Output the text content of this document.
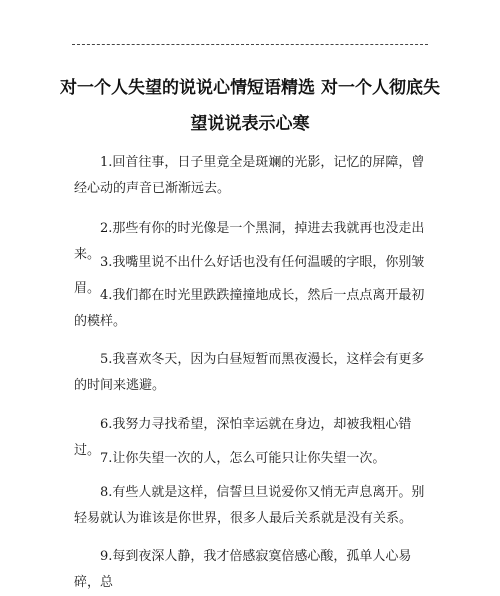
对一个人失望的说说心情短语精选 对一个人彻底失望说说表示心寒

1.回首往事，日子里竟全是斑斓的光影，记忆的屏障，曾经心动的声音已渐渐远去。

2.那些有你的时光像是一个黑洞，掉进去我就再也没走出来。

3.我嘴里说不出什么好话也没有任何温暖的字眼，你别皱眉。 4.我们都在时光里跌跌撞撞地成长，然后一点点离开最初的模样。

5.我喜欢冬天，因为白昼短暂而黑夜漫长，这样会有更多的时间来逃避。

6.我努力寻找希望，深怕幸运就在身边，却被我粗心错过。

7.让你失望一次的人，怎么可能只让你失望一次。

8.有些人就是这样，信誓旦旦说爱你又悄无声息离开。别轻易就认为谁该是你世界，很多人最后关系就是没有关系。

9.每到夜深人静，我才倍感寂寞倍感心酸，孤单人心易碎，总
